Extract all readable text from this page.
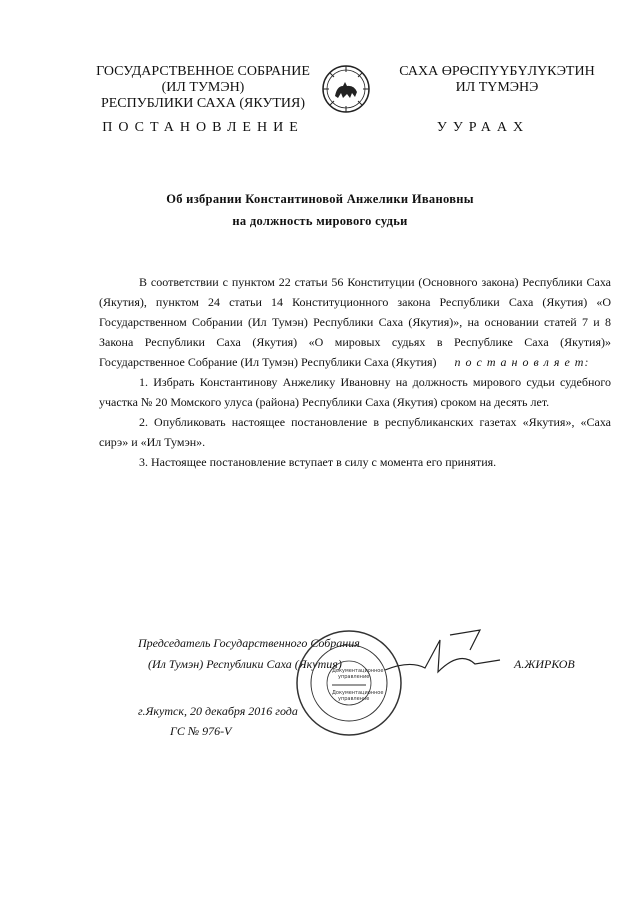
ГОСУДАРСТВЕННОЕ СОБРАНИЕ
(ИЛ ТУМЭН)
РЕСПУБЛИКИ САХА (ЯКУТИЯ)
ПОСТАНОВЛЕНИЕ
САХА ӨРӨСПҮҮБҮЛҮКЭТИН
ИЛ ТҮМЭНЭ
УУРААХ
Об избрании Константиновой Анжелики Ивановны
на должность мирового судьи

В соответствии с пунктом 22 статьи 56 Конституции (Основного закона) Республики Саха (Якутия), пунктом 24 статьи 14 Конституционного закона Республики Саха (Якутия) «О Государственном Собрании (Ил Тумэн) Республики Саха (Якутия)», на основании статей 7 и 8 Закона Республики Саха (Якутия) «О мировых судьях в Республике Саха (Якутия)» Государственное Собрание (Ил Тумэн) Республики Саха (Якутия) п о с т а н о в л я е т:

1. Избрать Константинову Анжелику Ивановну на должность мирового судьи судебного участка № 20 Момского улуса (района) Республики Саха (Якутия) сроком на десять лет.

2. Опубликовать настоящее постановление в республиканских газетах «Якутия», «Саха сирэ» и «Ил Тумэн».

3. Настоящее постановление вступает в силу с момента его принятия.

Председатель Государственного Собрания
(Ил Тумэн) Республики Саха (Якутия)	А.ЖИРКОВ
г.Якутск, 20 декабря 2016 года
ГС № 976-V
Документационное
управление
Документационное
управление
